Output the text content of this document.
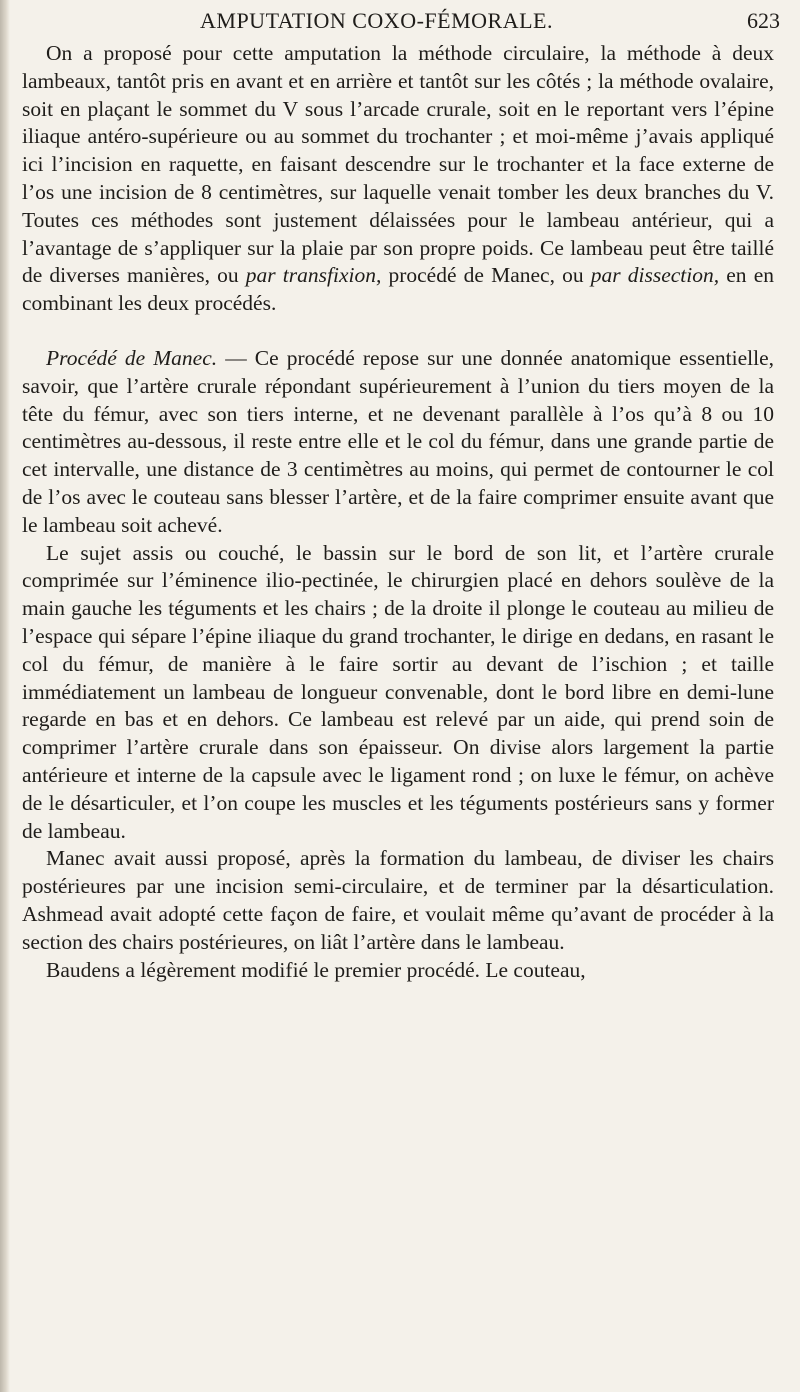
AMPUTATION COXO-FÉMORALE.	623

On a proposé pour cette amputation la méthode circulaire, la méthode à deux lambeaux, tantôt pris en avant et en arrière et tantôt sur les côtés ; la méthode ovalaire, soit en plaçant le sommet du V sous l’arcade crurale, soit en le reportant vers l’épine iliaque antéro-supérieure ou au sommet du trochanter ; et moi-même j’avais appliqué ici l’incision en raquette, en faisant descendre sur le trochanter et la face externe de l’os une incision de 8 centimètres, sur laquelle venait tomber les deux branches du V. Toutes ces méthodes sont justement délaissées pour le lambeau antérieur, qui a l’avantage de s’appliquer sur la plaie par son propre poids. Ce lambeau peut être taillé de diverses manières, ou par transfixion, procédé de Manec, ou par dissection, en en combinant les deux procédés.

Procédé de Manec. — Ce procédé repose sur une donnée anatomique essentielle, savoir, que l’artère crurale répondant supérieurement à l’union du tiers moyen de la tête du fémur, avec son tiers interne, et ne devenant parallèle à l’os qu’à 8 ou 10 centimètres au-dessous, il reste entre elle et le col du fémur, dans une grande partie de cet intervalle, une distance de 3 centimètres au moins, qui permet de contourner le col de l’os avec le couteau sans blesser l’artère, et de la faire comprimer ensuite avant que le lambeau soit achevé.

Le sujet assis ou couché, le bassin sur le bord de son lit, et l’artère crurale comprimée sur l’éminence ilio-pectinée, le chirurgien placé en dehors soulève de la main gauche les téguments et les chairs ; de la droite il plonge le couteau au milieu de l’espace qui sépare l’épine iliaque du grand trochanter, le dirige en dedans, en rasant le col du fémur, de manière à le faire sortir au devant de l’ischion ; et taille immédiatement un lambeau de longueur convenable, dont le bord libre en demi-lune regarde en bas et en dehors. Ce lambeau est relevé par un aide, qui prend soin de comprimer l’artère crurale dans son épaisseur. On divise alors largement la partie antérieure et interne de la capsule avec le ligament rond ; on luxe le fémur, on achève de le désarticuler, et l’on coupe les muscles et les téguments postérieurs sans y former de lambeau.

Manec avait aussi proposé, après la formation du lambeau, de diviser les chairs postérieures par une incision semi-circulaire, et de terminer par la désarticulation. Ashmead avait adopté cette façon de faire, et voulait même qu’avant de procéder à la section des chairs postérieures, on liât l’artère dans le lambeau.

Baudens a légèrement modifié le premier procédé. Le couteau,
